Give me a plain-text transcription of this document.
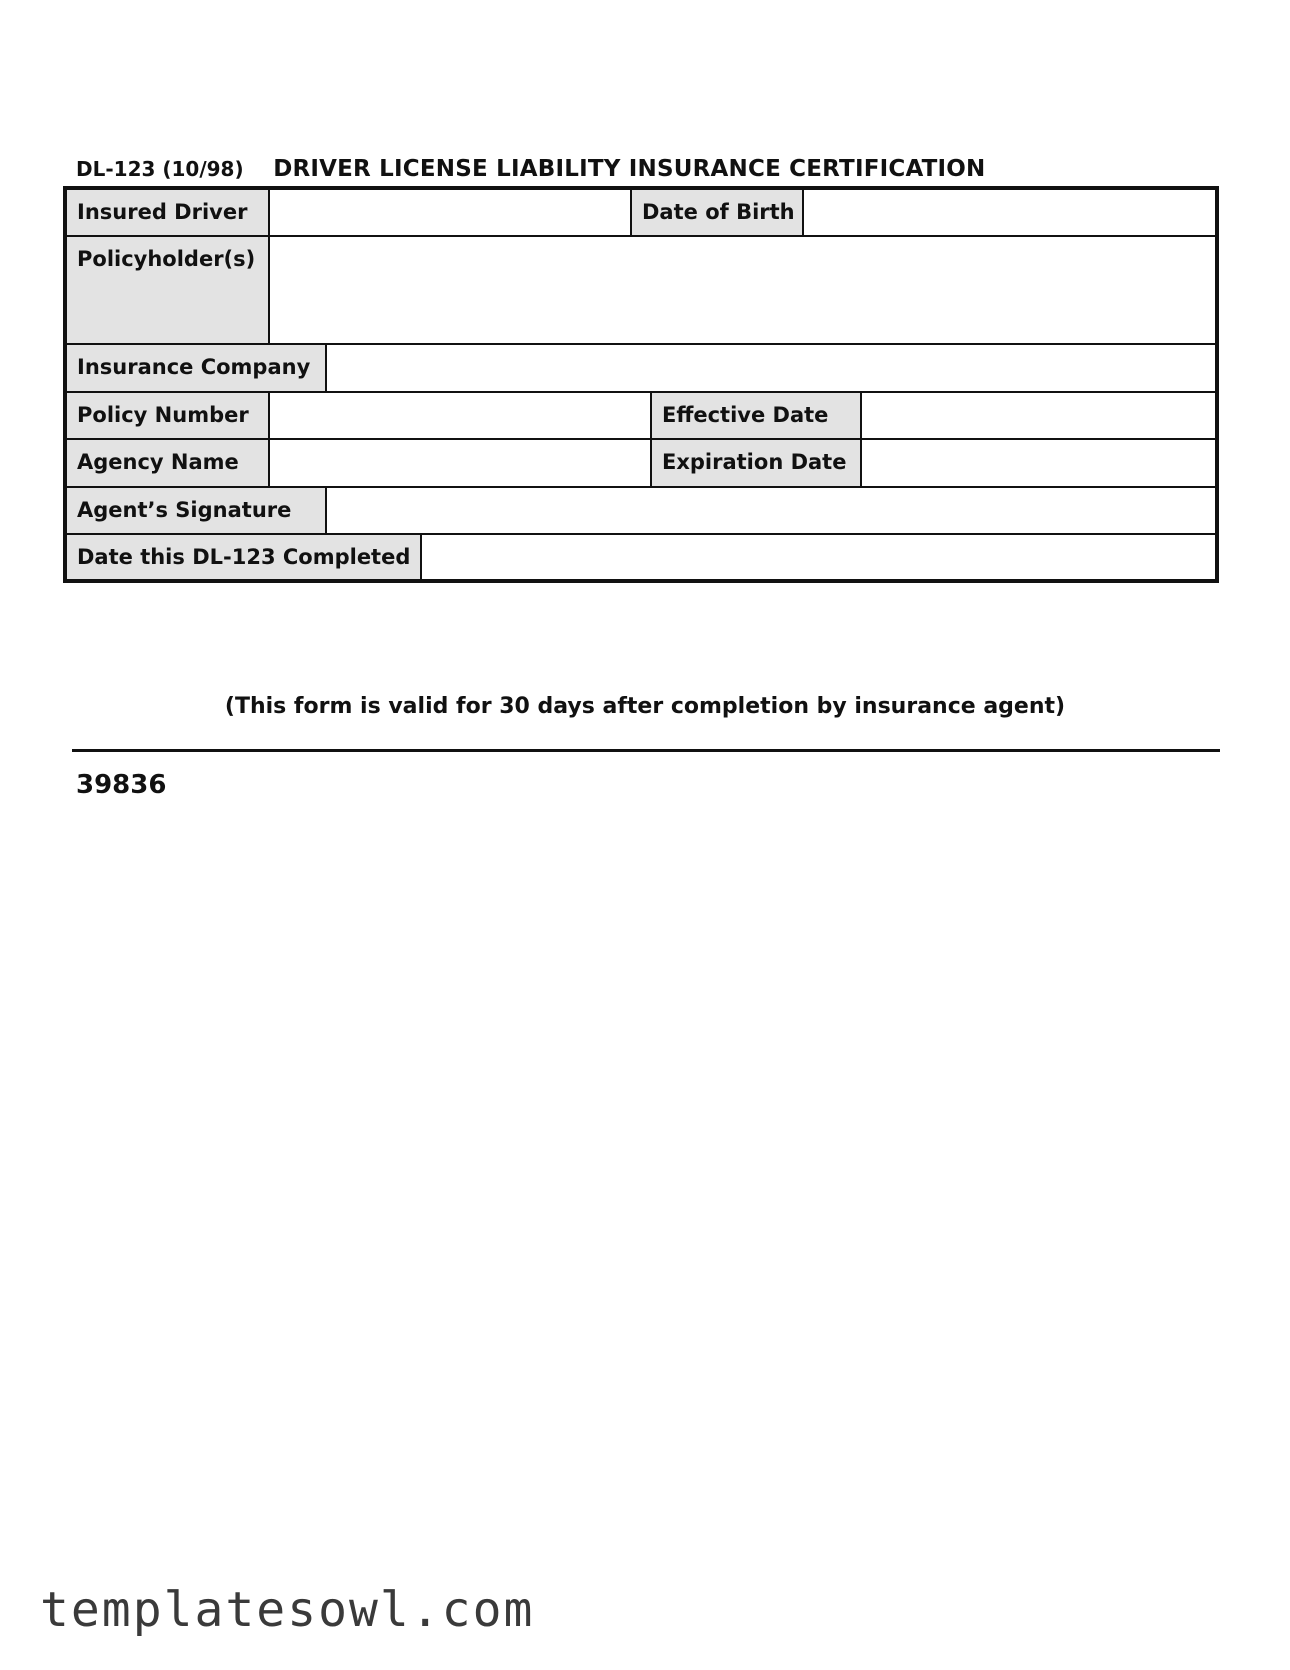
DL-123 (10/98) DRIVER LICENSE LIABILITY INSURANCE CERTIFICATION
Insured Driver	Date of Birth
Policyholder(s)
Insurance Company
Policy Number	Effective Date
Agency Name	Expiration Date
Agent’s Signature
Date this DL-123 Completed
(This form is valid for 30 days after completion by insurance agent)
39836
templatesowl.com
